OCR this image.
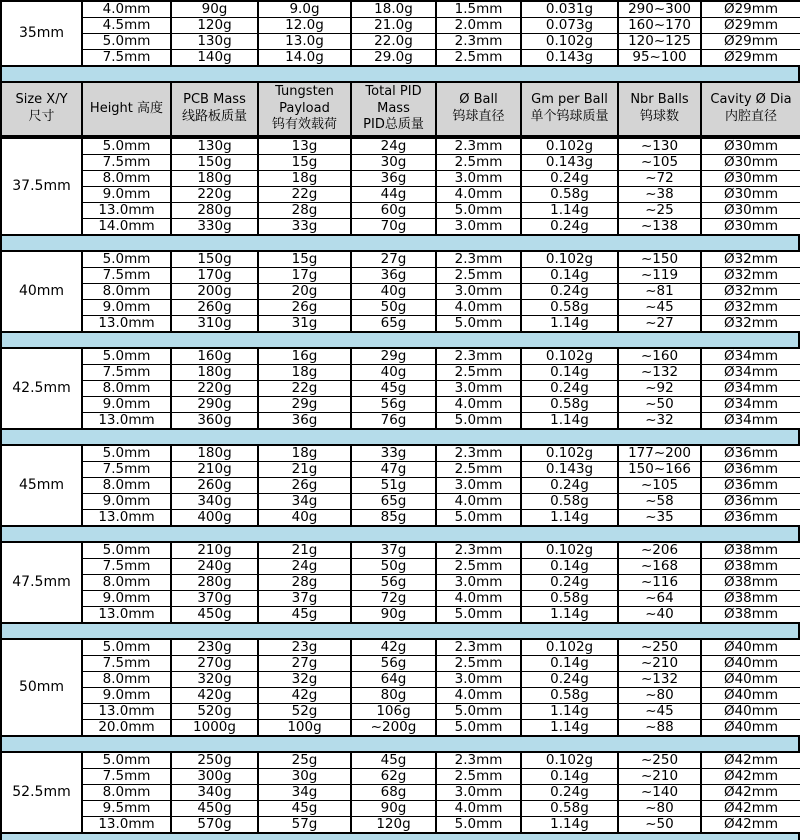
35mm	4.0mm	90g	9.0g	18.0g	1.5mm	0.031g	290~300	Ø29mm
	4.5mm	120g	12.0g	21.0g	2.0mm	0.073g	160~170	Ø29mm
	5.0mm	130g	13.0g	22.0g	2.3mm	0.102g	120~125	Ø29mm
	7.5mm	140g	14.0g	29.0g	2.5mm	0.143g	95~100	Ø29mm
Size X/Y 尺寸	Height 高度	PCB Mass 线路板质量	Tungsten Payload 钨有效载荷	Total PID Mass PID总质量	Ø Ball 钨球直径	Gm per Ball 单个钨球质量	Nbr Balls 钨球数	Cavity Ø Dia 内腔直径
37.5mm	5.0mm	130g	13g	24g	2.3mm	0.102g	~130	Ø30mm
	7.5mm	150g	15g	30g	2.5mm	0.143g	~105	Ø30mm
	8.0mm	180g	18g	36g	3.0mm	0.24g	~72	Ø30mm
	9.0mm	220g	22g	44g	4.0mm	0.58g	~38	Ø30mm
	13.0mm	280g	28g	60g	5.0mm	1.14g	~25	Ø30mm
	14.0mm	330g	33g	70g	3.0mm	0.24g	~138	Ø30mm
40mm	5.0mm	150g	15g	27g	2.3mm	0.102g	~150	Ø32mm
	7.5mm	170g	17g	36g	2.5mm	0.14g	~119	Ø32mm
	8.0mm	200g	20g	40g	3.0mm	0.24g	~81	Ø32mm
	9.0mm	260g	26g	50g	4.0mm	0.58g	~45	Ø32mm
	13.0mm	310g	31g	65g	5.0mm	1.14g	~27	Ø32mm
42.5mm	5.0mm	160g	16g	29g	2.3mm	0.102g	~160	Ø34mm
	7.5mm	180g	18g	40g	2.5mm	0.14g	~132	Ø34mm
	8.0mm	220g	22g	45g	3.0mm	0.24g	~92	Ø34mm
	9.0mm	290g	29g	56g	4.0mm	0.58g	~50	Ø34mm
	13.0mm	360g	36g	76g	5.0mm	1.14g	~32	Ø34mm
45mm	5.0mm	180g	18g	33g	2.3mm	0.102g	177~200	Ø36mm
	7.5mm	210g	21g	47g	2.5mm	0.143g	150~166	Ø36mm
	8.0mm	260g	26g	51g	3.0mm	0.24g	~105	Ø36mm
	9.0mm	340g	34g	65g	4.0mm	0.58g	~58	Ø36mm
	13.0mm	400g	40g	85g	5.0mm	1.14g	~35	Ø36mm
47.5mm	5.0mm	210g	21g	37g	2.3mm	0.102g	~206	Ø38mm
	7.5mm	240g	24g	50g	2.5mm	0.14g	~168	Ø38mm
	8.0mm	280g	28g	56g	3.0mm	0.24g	~116	Ø38mm
	9.0mm	370g	37g	72g	4.0mm	0.58g	~64	Ø38mm
	13.0mm	450g	45g	90g	5.0mm	1.14g	~40	Ø38mm
50mm	5.0mm	230g	23g	42g	2.3mm	0.102g	~250	Ø40mm
	7.5mm	270g	27g	56g	2.5mm	0.14g	~210	Ø40mm
	8.0mm	320g	32g	64g	3.0mm	0.24g	~132	Ø40mm
	9.0mm	420g	42g	80g	4.0mm	0.58g	~80	Ø40mm
	13.0mm	520g	52g	106g	5.0mm	1.14g	~45	Ø40mm
	20.0mm	1000g	100g	~200g	5.0mm	1.14g	~88	Ø40mm
52.5mm	5.0mm	250g	25g	45g	2.3mm	0.102g	~250	Ø42mm
	7.5mm	300g	30g	62g	2.5mm	0.14g	~210	Ø42mm
	8.0mm	340g	34g	68g	3.0mm	0.24g	~140	Ø42mm
	9.5mm	450g	45g	90g	4.0mm	0.58g	~80	Ø42mm
	13.0mm	570g	57g	120g	5.0mm	1.14g	~50	Ø42mm
